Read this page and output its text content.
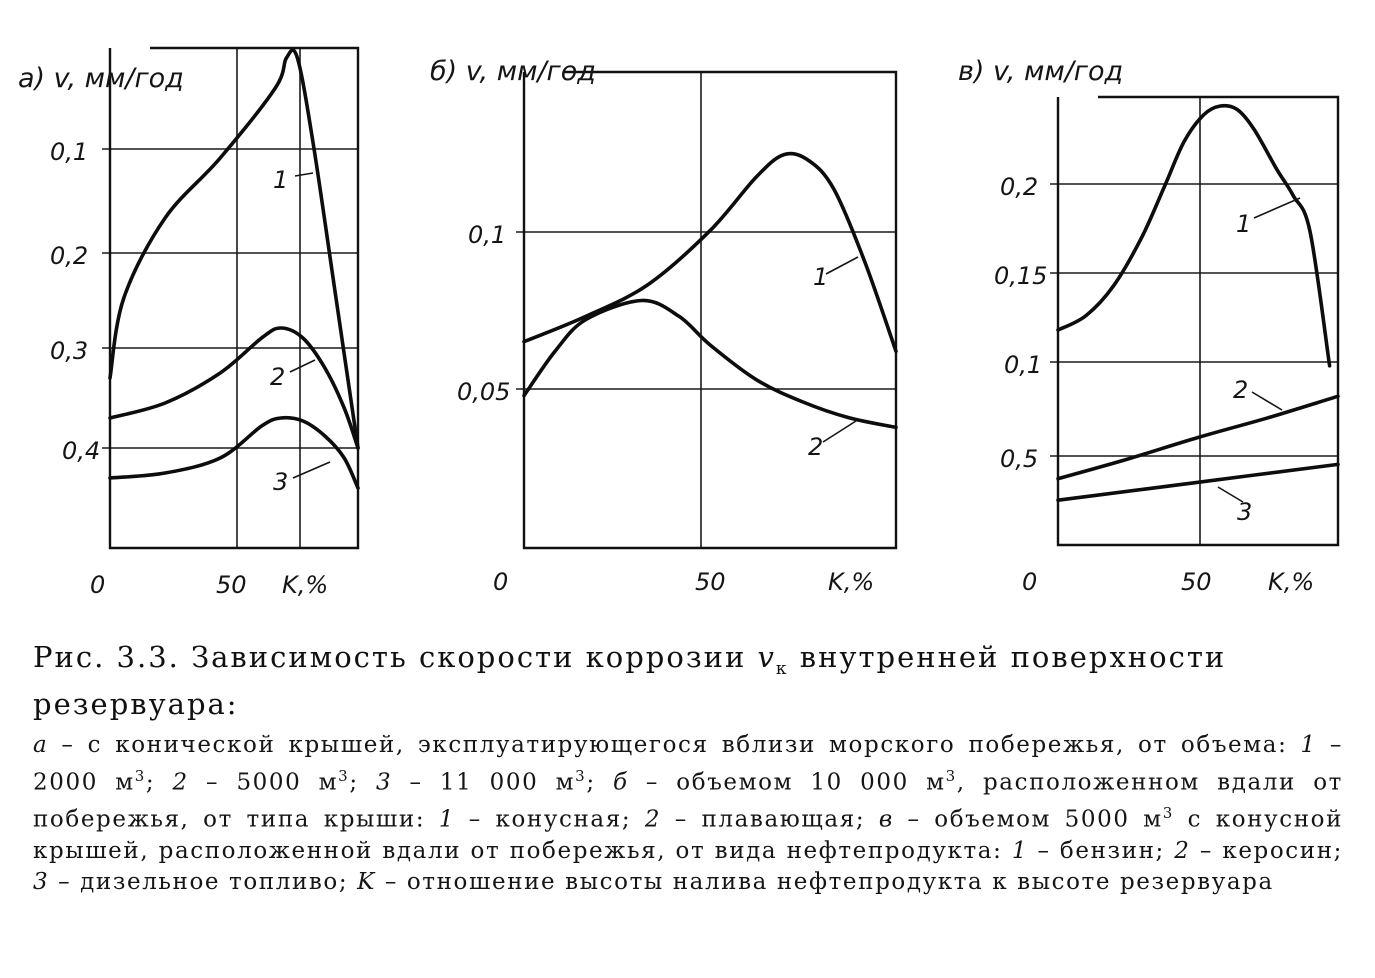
а) v, мм/год
0	50 K,%
0,1
0,2
0,3
0,4
1
2
3
б) v, мм/год
0	50	K,%
0,05
0,1
1
2
в) v, мм/год
0	50 K,%
0,5
0,1
0,15
0,2
1
2
3

Рис. 3.3. Зависимость скорости коррозии $v_к$ внутренней поверхности резервуара:

а – с конической крышей, эксплуатирующегося вблизи морского побережья, от объема: 1 – 2000 $м^3$; 2 – 5000 $м^3$; 3 – 11 000 $м^3$; б – объемом 10 000 $м^3$, расположенном вдали от побережья, от типа крыши: 1 – конусная; 2 – плавающая; в – объемом 5000 $м^3$ с конусной крышей, расположенной вдали от побережья, от вида нефтепродукта: 1 – бензин; 2 – керосин; 3 – дизельное топливо; K – отношение высоты налива нефтепродукта к высоте резервуара
